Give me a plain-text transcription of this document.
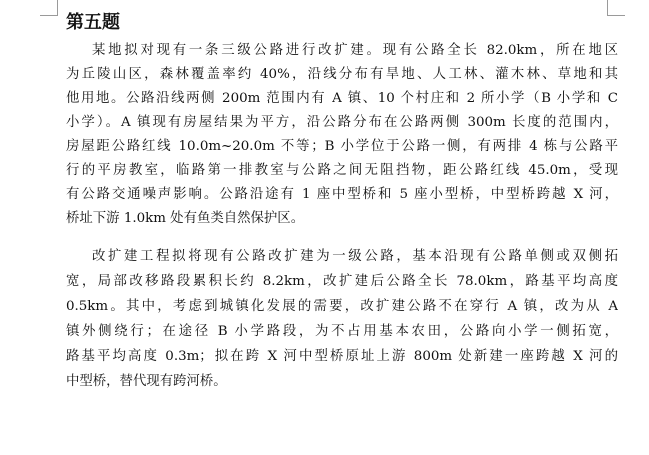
第五题
某地拟对现有一条三级公路进行改扩建。现有公路全长 82.0km，所在地区
为丘陵山区，森林覆盖率约 40%，沿线分布有旱地、人工林、灌木林、草地和其
他用地。公路沿线两侧 200m 范围内有 A 镇、10 个村庄和 2 所小学（B 小学和 C
小学）。A 镇现有房屋结果为平方，沿公路分布在公路两侧 300m 长度的范围内，
房屋距公路红线 10.0m~20.0m 不等；B 小学位于公路一侧，有两排 4 栋与公路平
行的平房教室，临路第一排教室与公路之间无阻挡物，距公路红线 45.0m，受现
有公路交通噪声影响。公路沿途有 1 座中型桥和 5 座小型桥，中型桥跨越 X 河，
桥址下游 1.0km 处有鱼类自然保护区。
改扩建工程拟将现有公路改扩建为一级公路，基本沿现有公路单侧或双侧拓
宽，局部改移路段累积长约 8.2km，改扩建后公路全长 78.0km，路基平均高度
0.5km。其中，考虑到城镇化发展的需要，改扩建公路不在穿行 A 镇，改为从 A
镇外侧绕行；在途径 B 小学路段，为不占用基本农田，公路向小学一侧拓宽，
路基平均高度 0.3m；拟在跨 X 河中型桥原址上游 800m 处新建一座跨越 X 河的
中型桥，替代现有跨河桥。
